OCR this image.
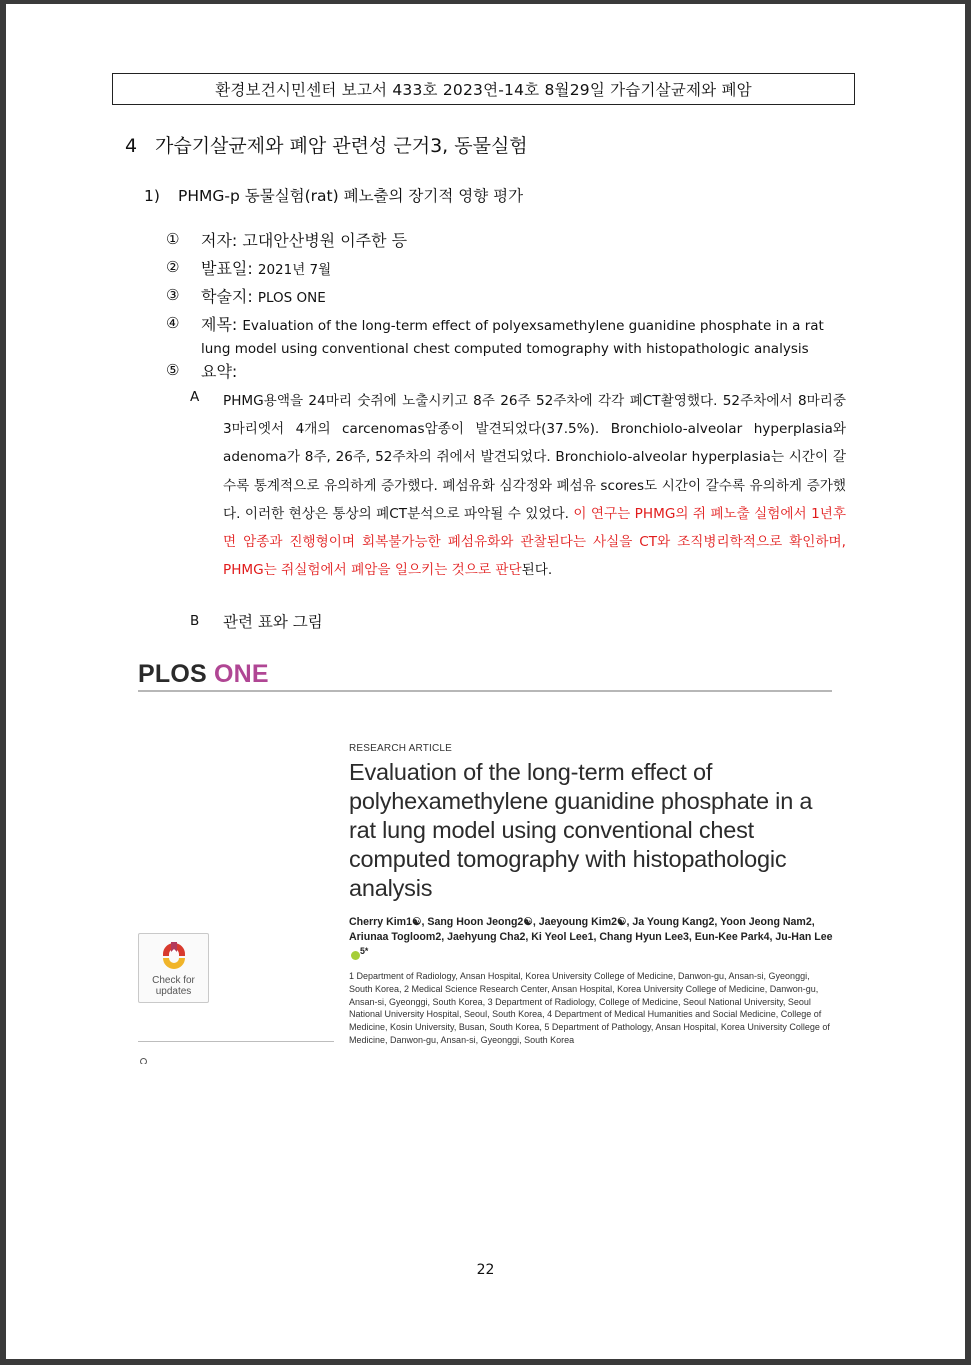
환경보건시민센터 보고서 433호 2023연-14호 8월29일 가습기살균제와 폐암
4 가습기살균제와 폐암 관련성 근거3, 동물실험
1) PHMG-p 동물실험(rat) 폐노출의 장기적 영향 평가
①	저자: 고대안산병원 이주한 등
②	발표일: 2021년 7월
③	학술지: PLOS ONE
④	제목: Evaluation of the long-term effect of polyexsamethylene guanidine phosphate in a rat lung model using conventional chest computed tomography with histopathologic analysis
⑤	요약:
A	PHMG용액을 24마리 숫쥐에 노출시키고 8주 26주 52주차에 각각 폐CT촬영했다. 52주차에서 8마리중 3마리엣서 4개의 carcenomas암종이 발견되었다(37.5%). Bronchiolo-alveolar hyperplasia와 adenoma가 8주, 26주, 52주차의 쥐에서 발견되었다. Bronchiolo-alveolar hyperplasia는 시간이 갈수록 통계적으로 유의하게 증가했다. 폐섬유화 심각정와 폐섬유 scores도 시간이 갈수록 유의하게 증가했다. 이러한 현상은 통상의 폐CT분석으로 파악될 수 있었다. 이 연구는 PHMG의 쥐 폐노출 실험에서 1년후면 암종과 진행형이며 회복불가능한 폐섬유화와 관찰된다는 사실을 CT와 조직병리학적으로 확인하며, PHMG는 쥐실험에서 폐암을 일으키는 것으로 판단된다.
B	관련 표와 그림
PLOS ONE
RESEARCH ARTICLE
Evaluation of the long-term effect of polyhexamethylene guanidine phosphate in a rat lung model using conventional chest computed tomography with histopathologic analysis
Check for updates
Cherry Kim1☯, Sang Hoon Jeong2☯, Jaeyoung Kim2☯, Ja Young Kang2, Yoon Jeong Nam2, Ariunaa Togloom2, Jaehyung Cha2, Ki Yeol Lee1, Chang Hyun Lee3, Eun-Kee Park4, Ju-Han Lee$^{5*}$
1 Department of Radiology, Ansan Hospital, Korea University College of Medicine, Danwon-gu, Ansan-si, Gyeonggi, South Korea, 2 Medical Science Research Center, Ansan Hospital, Korea University College of Medicine, Danwon-gu, Ansan-si, Gyeonggi, South Korea, 3 Department of Radiology, College of Medicine, Seoul National University, Seoul National University Hospital, Seoul, South Korea, 4 Department of Medical Humanities and Social Medicine, College of Medicine, Kosin University, Busan, South Korea, 5 Department of Pathology, Ansan Hospital, Korea University College of Medicine, Danwon-gu, Ansan-si, Gyeonggi, South Korea
22
